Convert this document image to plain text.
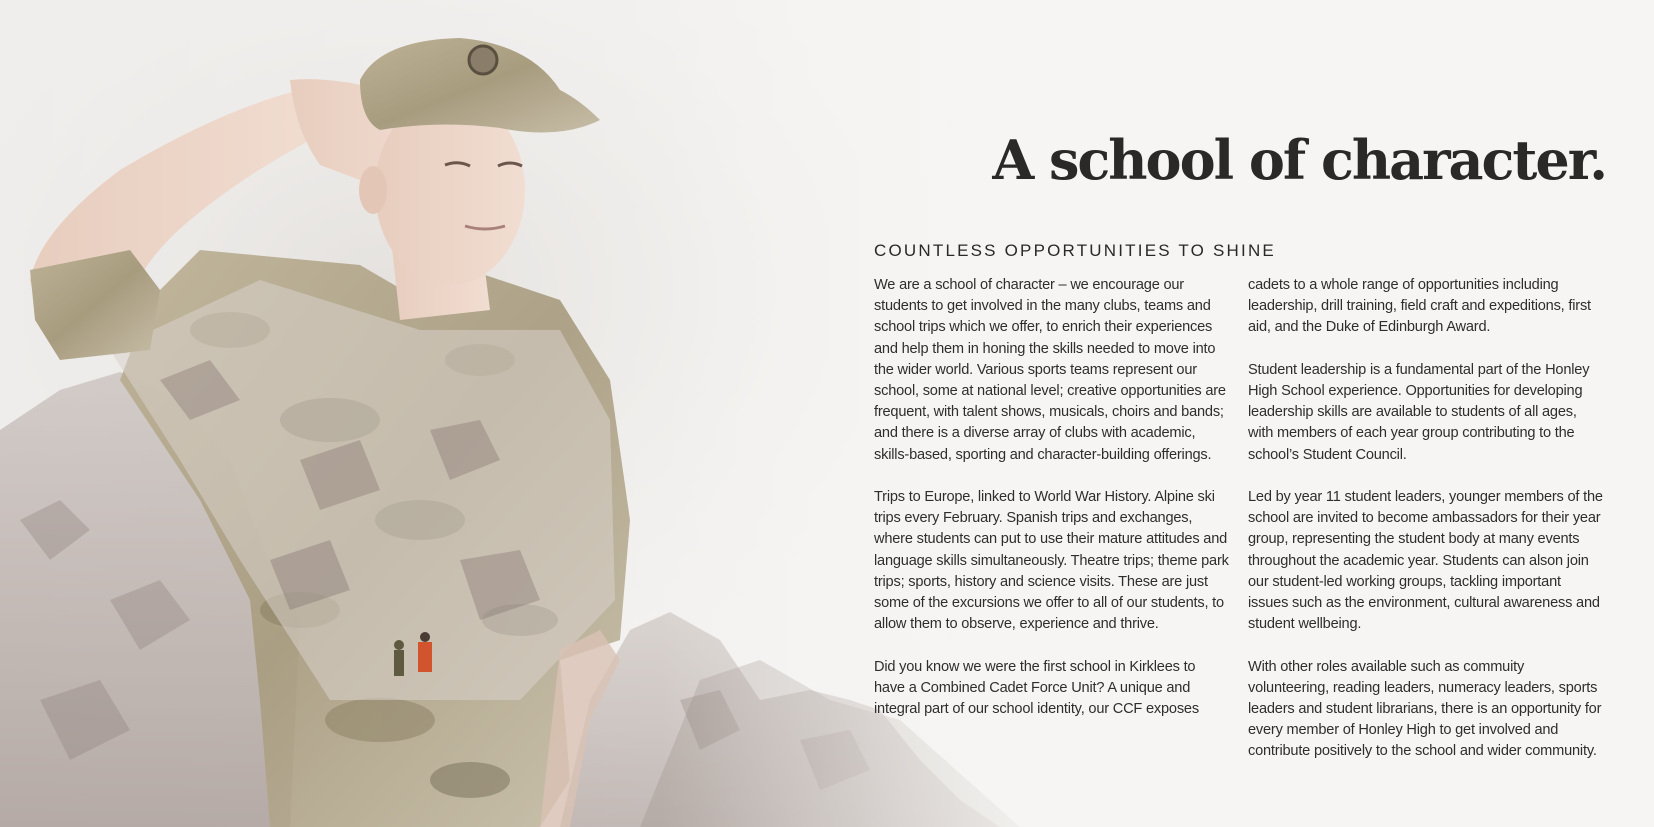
A school of character.
COUNTLESS OPPORTUNITIES TO SHINE

We are a school of character – we encourage our students to get involved in the many clubs, teams and school trips which we offer, to enrich their experiences and help them in honing the skills needed to move into the wider world. Various sports teams represent our school, some at national level; creative opportunities are frequent, with talent shows, musicals, choirs and bands; and there is a diverse array of clubs with academic, skills-based, sporting and character-building offerings.

Trips to Europe, linked to World War History. Alpine ski trips every February. Spanish trips and exchanges, where students can put to use their mature attitudes and language skills simultaneously. Theatre trips; theme park trips; sports, history and science visits. These are just some of the excursions we offer to all of our students, to allow them to observe, experience and thrive.

Did you know we were the first school in Kirklees to have a Combined Cadet Force Unit? A unique and integral part of our school identity, our CCF exposes

cadets to a whole range of opportunities including leadership, drill training, field craft and expeditions, first aid, and the Duke of Edinburgh Award.

Student leadership is a fundamental part of the Honley High School experience. Opportunities for developing leadership skills are available to students of all ages, with members of each year group contributing to the school’s Student Council.

Led by year 11 student leaders, younger members of the school are invited to become ambassadors for their year group, representing the student body at many events throughout the academic year. Students can alson join our student-led working groups, tackling important issues such as the environment, cultural awareness and student wellbeing.

With other roles available such as commuity volunteering, reading leaders, numeracy leaders, sports leaders and student librarians, there is an opportunity for every member of Honley High to get involved and contribute positively to the school and wider community.
